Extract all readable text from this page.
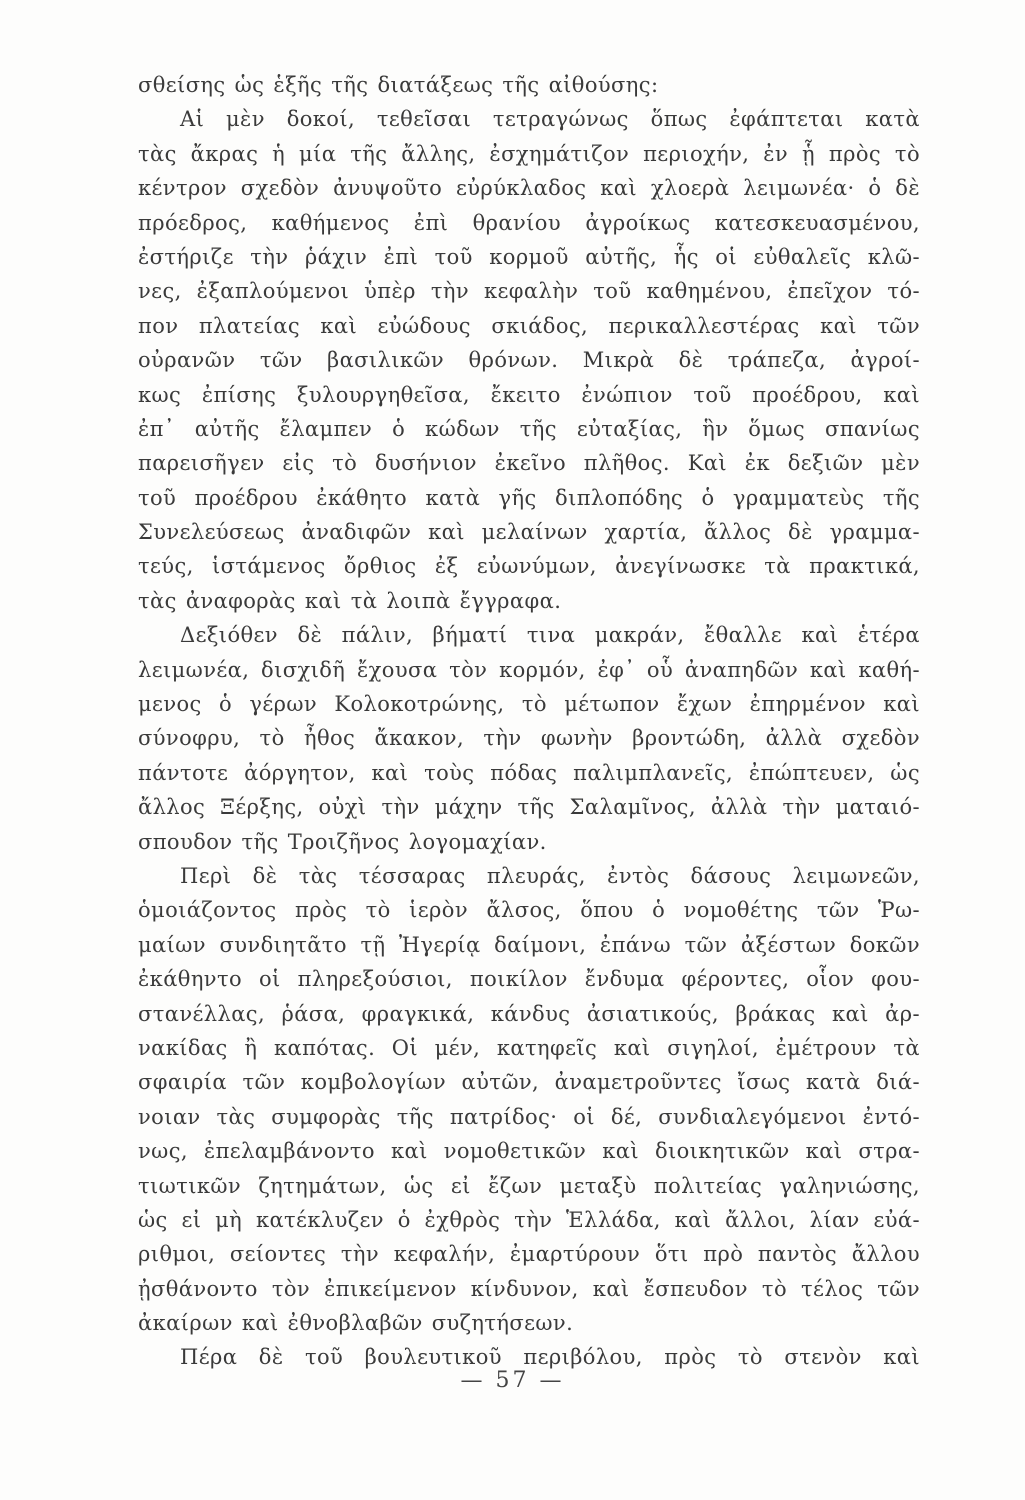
σθείσης ὡς ἑξῆς τῆς διατάξεως τῆς αἰθούσης:
Αἱ μὲν δοκοί, τεθεῖσαι τετραγώνως ὅπως ἐφάπτεται κατὰ
τὰς ἄκρας ἡ μία τῆς ἄλλης, ἐσχημάτιζον περιοχήν, ἐν ᾗ πρὸς τὸ
κέντρον σχεδὸν ἀνυψοῦτο εὐρύκλαδος καὶ χλοερὰ λειμωνέα· ὁ δὲ
πρόεδρος, καθήμενος ἐπὶ θρανίου ἀγροίκως κατεσκευασμένου,
ἐστήριζε τὴν ῥάχιν ἐπὶ τοῦ κορμοῦ αὐτῆς, ἧς οἱ εὐθαλεῖς κλῶ-
νες, ἐξαπλούμενοι ὑπὲρ τὴν κεφαλὴν τοῦ καθημένου, ἐπεῖχον τό-
πον πλατείας καὶ εὐώδους σκιάδος, περικαλλεστέρας καὶ τῶν
οὐρανῶν τῶν βασιλικῶν θρόνων. Μικρὰ δὲ τράπεζα, ἀγροί-
κως ἐπίσης ξυλουργηθεῖσα, ἔκειτο ἐνώπιον τοῦ προέδρου, καὶ
ἐπ᾽ αὐτῆς ἔλαμπεν ὁ κώδων τῆς εὐταξίας, ἣν ὅμως σπανίως
παρεισῆγεν εἰς τὸ δυσήνιον ἐκεῖνο πλῆθος. Καὶ ἐκ δεξιῶν μὲν
τοῦ προέδρου ἐκάθητο κατὰ γῆς διπλοπόδης ὁ γραμματεὺς τῆς
Συνελεύσεως ἀναδιφῶν καὶ μελαίνων χαρτία, ἄλλος δὲ γραμμα-
τεύς, ἱστάμενος ὄρθιος ἐξ εὐωνύμων, ἀνεγίνωσκε τὰ πρακτικά,
τὰς ἀναφορὰς καὶ τὰ λοιπὰ ἔγγραφα.
Δεξιόθεν δὲ πάλιν, βήματί τινα μακράν, ἔθαλλε καὶ ἑτέρα
λειμωνέα, δισχιδῆ ἔχουσα τὸν κορμόν, ἐφ᾽ οὗ ἀναπηδῶν καὶ καθή-
μενος ὁ γέρων Κολοκοτρώνης, τὸ μέτωπον ἔχων ἐπηρμένον καὶ
σύνοφρυ, τὸ ἦθος ἄκακον, τὴν φωνὴν βροντώδη, ἀλλὰ σχεδὸν
πάντοτε ἀόργητον, καὶ τοὺς πόδας παλιμπλανεῖς, ἐπώπτευεν, ὡς
ἄλλος Ξέρξης, οὐχὶ τὴν μάχην τῆς Σαλαμῖνος, ἀλλὰ τὴν ματαιό-
σπουδον τῆς Τροιζῆνος λογομαχίαν.
Περὶ δὲ τὰς τέσσαρας πλευράς, ἐντὸς δάσους λειμωνεῶν,
ὁμοιάζοντος πρὸς τὸ ἱερὸν ἄλσος, ὅπου ὁ νομοθέτης τῶν Ῥω-
μαίων συνδιητᾶτο τῇ Ἠγερίᾳ δαίμονι, ἐπάνω τῶν ἀξέστων δοκῶν
ἐκάθηντο οἱ πληρεξούσιοι, ποικίλον ἔνδυμα φέροντες, οἷον φου-
στανέλλας, ῥάσα, φραγκικά, κάνδυς ἀσιατικούς, βράκας καὶ ἀρ-
νακίδας ἢ καπότας. Οἱ μέν, κατηφεῖς καὶ σιγηλοί, ἐμέτρουν τὰ
σφαιρία τῶν κομβολογίων αὐτῶν, ἀναμετροῦντες ἴσως κατὰ διά-
νοιαν τὰς συμφορὰς τῆς πατρίδος· οἱ δέ, συνδιαλεγόμενοι ἐντό-
νως, ἐπελαμβάνοντο καὶ νομοθετικῶν καὶ διοικητικῶν καὶ στρα-
τιωτικῶν ζητημάτων, ὡς εἰ ἔζων μεταξὺ πολιτείας γαληνιώσης,
ὡς εἰ μὴ κατέκλυζεν ὁ ἐχθρὸς τὴν Ἑλλάδα, καὶ ἄλλοι, λίαν εὐά-
ριθμοι, σείοντες τὴν κεφαλήν, ἐμαρτύρουν ὅτι πρὸ παντὸς ἄλλου
ᾐσθάνοντο τὸν ἐπικείμενον κίνδυνον, καὶ ἔσπευδον τὸ τέλος τῶν
ἀκαίρων καὶ ἐθνοβλαβῶν συζητήσεων.
Πέρα δὲ τοῦ βουλευτικοῦ περιβόλου, πρὸς τὸ στενὸν καὶ
— 57 —
